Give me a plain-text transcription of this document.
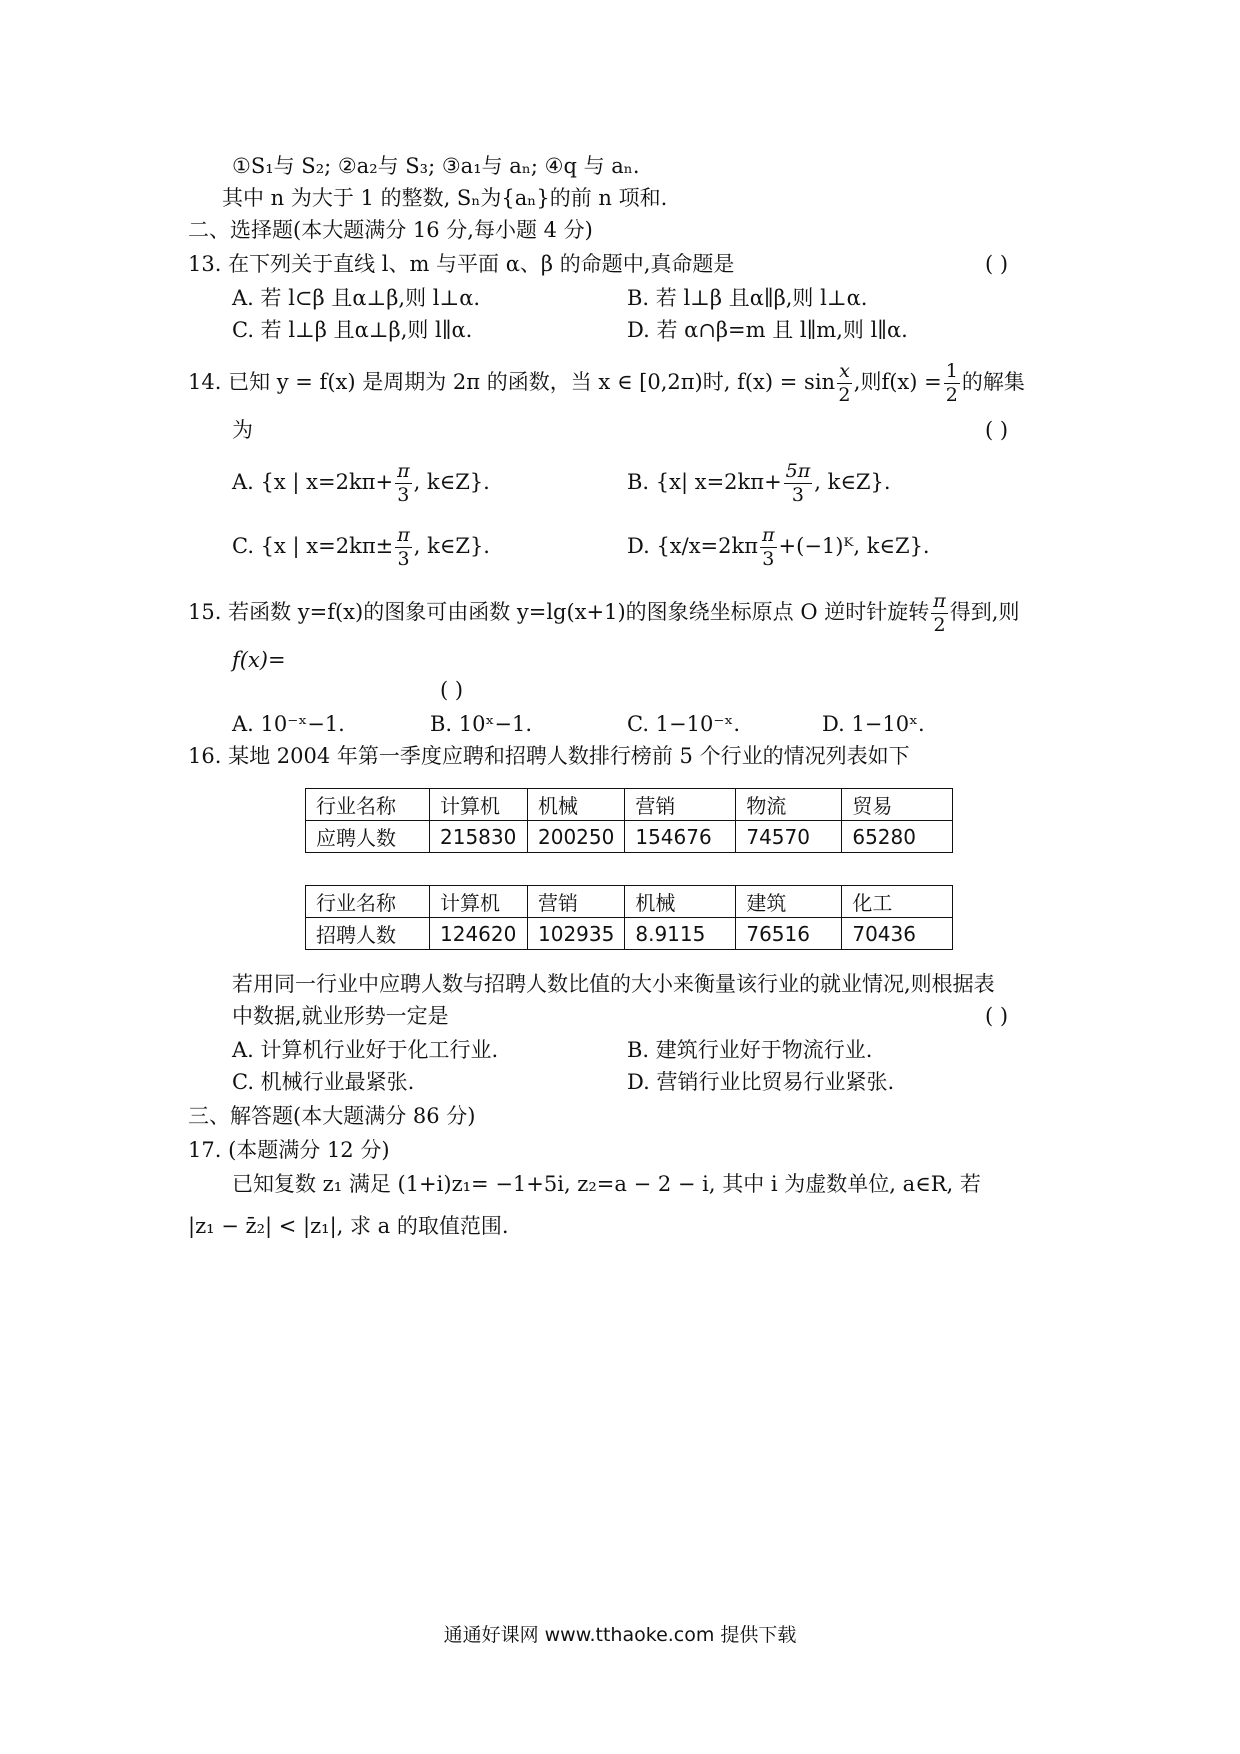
①S₁与 S₂; ②a₂与 S₃; ③a₁与 aₙ; ④q 与 aₙ.
其中 n 为大于 1 的整数, Sₙ为{aₙ}的前 n 项和.
二、选择题(本大题满分 16 分,每小题 4 分)
13. 在下列关于直线 l、m 与平面 α、β 的命题中,真命题是	( )
A. 若 l⊂β 且α⊥β,则 l⊥α.	B. 若 l⊥β 且α∥β,则 l⊥α.
C. 若 l⊥β 且α⊥β,则 l∥α.	D. 若 α∩β=m 且 l∥m,则 l∥α.
14. 已知 y = f(x) 是周期为 2π 的函数，当 x ∈ [0,2π)时, $f(x) = \sin \frac{x}{2}$ ,则$f(x) = \frac{1}{2}$ 的解集
为	( )
A. {x | $x=2k\pi+ \frac{\pi}{3}$ , k∈Z}.	B. {x| $x=2k\pi+ \frac{5\pi}{3}$ , k∈Z}.
C. {x | $x=2k\pi\pm \frac{\pi}{3}$ , k∈Z}.	D. {$x/x=2k\pi \frac{\pi}{3}$ +(−1)ᴷ, k∈Z}.
15. 若函数 y=f(x)的图象可由函数 y=lg(x+1)的图象绕坐标原点 O 逆时针旋转 $\frac{\pi}{2}$ 得到,则
f(x)=
( )
A. 10⁻ˣ−1.	B. 10ˣ−1.	C. 1−10⁻ˣ.	D. 1−10ˣ.
16. 某地 2004 年第一季度应聘和招聘人数排行榜前 5 个行业的情况列表如下
行业名称	计算机	机械	营销	物流	贸易
应聘人数	215830	200250	154676	74570	65280
行业名称	计算机	营销	机械	建筑	化工
招聘人数	124620	102935	8.9115	76516	70436
若用同一行业中应聘人数与招聘人数比值的大小来衡量该行业的就业情况,则根据表
中数据,就业形势一定是	( )
A. 计算机行业好于化工行业.	B. 建筑行业好于物流行业.
C. 机械行业最紧张.	D. 营销行业比贸易行业紧张.
三、解答题(本大题满分 86 分)
17. (本题满分 12 分)
已知复数 z₁ 满足 (1+i)z₁= −1+5i, z₂=a − 2 − i, 其中 i 为虚数单位, a∈R, 若
|z₁ − z̄₂| < |z₁|, 求 a 的取值范围.
通通好课网 www.tthaoke.com 提供下载
